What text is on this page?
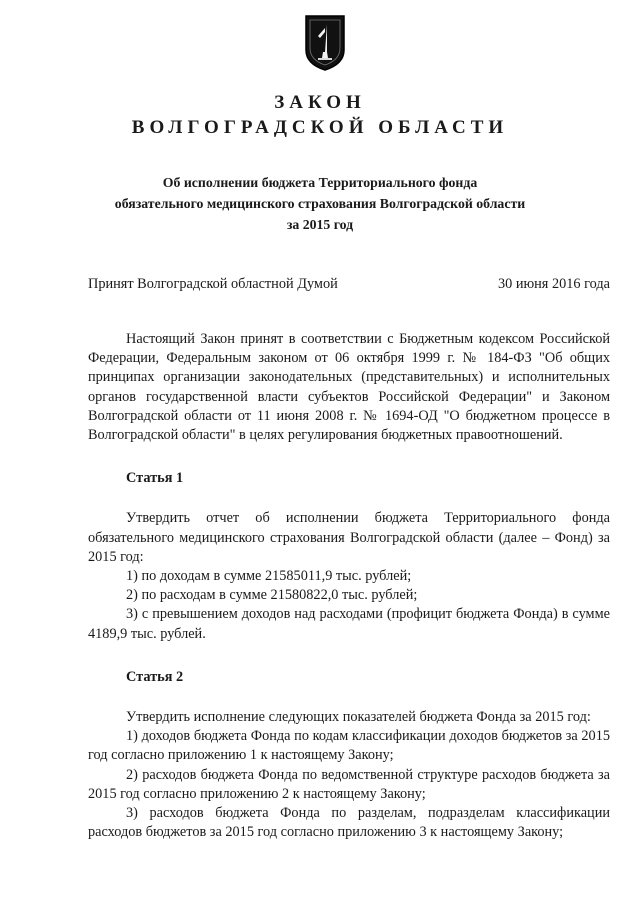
ЗАКОН
ВОЛГОГРАДСКОЙ ОБЛАСТИ
Об исполнении бюджета Территориального фонда
обязательного медицинского страхования Волгоградской области
за 2015 год
Принят Волгоградской областной Думой	30 июня 2016 года

Настоящий Закон принят в соответствии с Бюджетным кодексом Российской Федерации, Федеральным законом от 06 октября 1999 г. № 184-ФЗ "Об общих принципах организации законодательных (представительных) и исполнительных органов государственной власти субъектов Российской Федерации" и Законом Волгоградской области от 11 июня 2008 г. № 1694-ОД "О бюджетном процессе в Волгоградской области" в целях регулирования бюджетных правоотношений.

Статья 1

Утвердить отчет об исполнении бюджета Территориального фонда обязательного медицинского страхования Волгоградской области (далее – Фонд) за 2015 год:

1) по доходам в сумме 21585011,9 тыс. рублей;

2) по расходам в сумме 21580822,0 тыс. рублей;

3) с превышением доходов над расходами (профицит бюджета Фонда) в сумме 4189,9 тыс. рублей.

Статья 2

Утвердить исполнение следующих показателей бюджета Фонда за 2015 год:

1) доходов бюджета Фонда по кодам классификации доходов бюджетов за 2015 год согласно приложению 1 к настоящему Закону;

2) расходов бюджета Фонда по ведомственной структуре расходов бюджета за 2015 год согласно приложению 2 к настоящему Закону;

3) расходов бюджета Фонда по разделам, подразделам классификации расходов бюджетов за 2015 год согласно приложению 3 к настоящему Закону;
